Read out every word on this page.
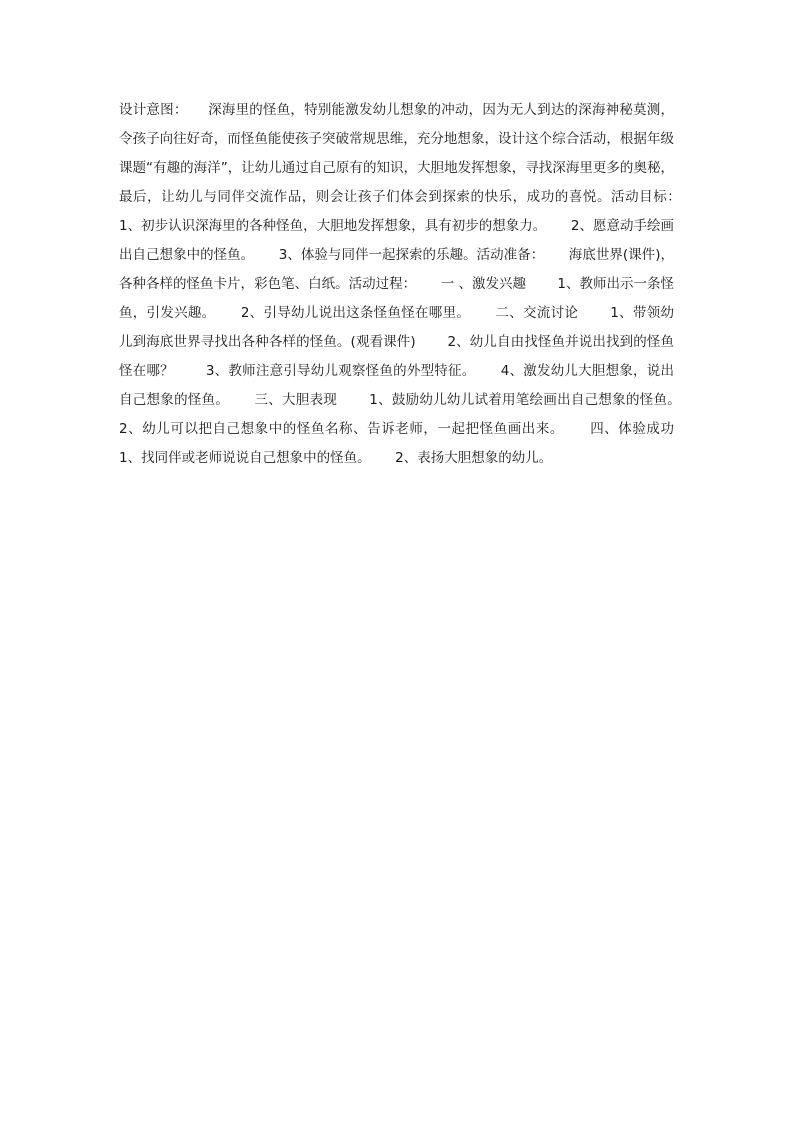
设计意图：　　深海里的怪鱼，特别能激发幼儿想象的冲动，因为无人到达的深海神秘莫测，令孩子向往好奇，而怪鱼能使孩子突破常规思维，充分地想象，设计这个综合活动，根据年级课题“有趣的海洋”，让幼儿通过自己原有的知识，大胆地发挥想象，寻找深海里更多的奥秘，最后，让幼儿与同伴交流作品，则会让孩子们体会到探索的快乐，成功的喜悦。活动目标：　　 1、初步认识深海里的各种怪鱼，大胆地发挥想象，具有初步的想象力。　　 2、愿意动手绘画出自己想象中的怪鱼。　　 3、体验与同伴一起探索的乐趣。活动准备：　　 海底世界(课件)，各种各样的怪鱼卡片，彩色笔、白纸。活动过程：　　 一 、激发兴趣　　 1、教师出示一条怪鱼，引发兴趣。　　 2、引导幼儿说出这条怪鱼怪在哪里。　　 二、交流讨论　　 1、带领幼儿到海底世界寻找出各种各样的怪鱼。(观看课件)　　 2、幼儿自由找怪鱼并说出找到的怪鱼怪在哪？　　 3、教师注意引导幼儿观察怪鱼的外型特征。　　 4、激发幼儿大胆想象，说出自己想象的怪鱼。　　 三、大胆表现　　 1、鼓励幼儿幼儿试着用笔绘画出自己想象的怪鱼。　　 2、幼儿可以把自己想象中的怪鱼名称、告诉老师，一起把怪鱼画出来。　　 四、体验成功　　 1、找同伴或老师说说自己想象中的怪鱼。　　 2、表扬大胆想象的幼儿。
